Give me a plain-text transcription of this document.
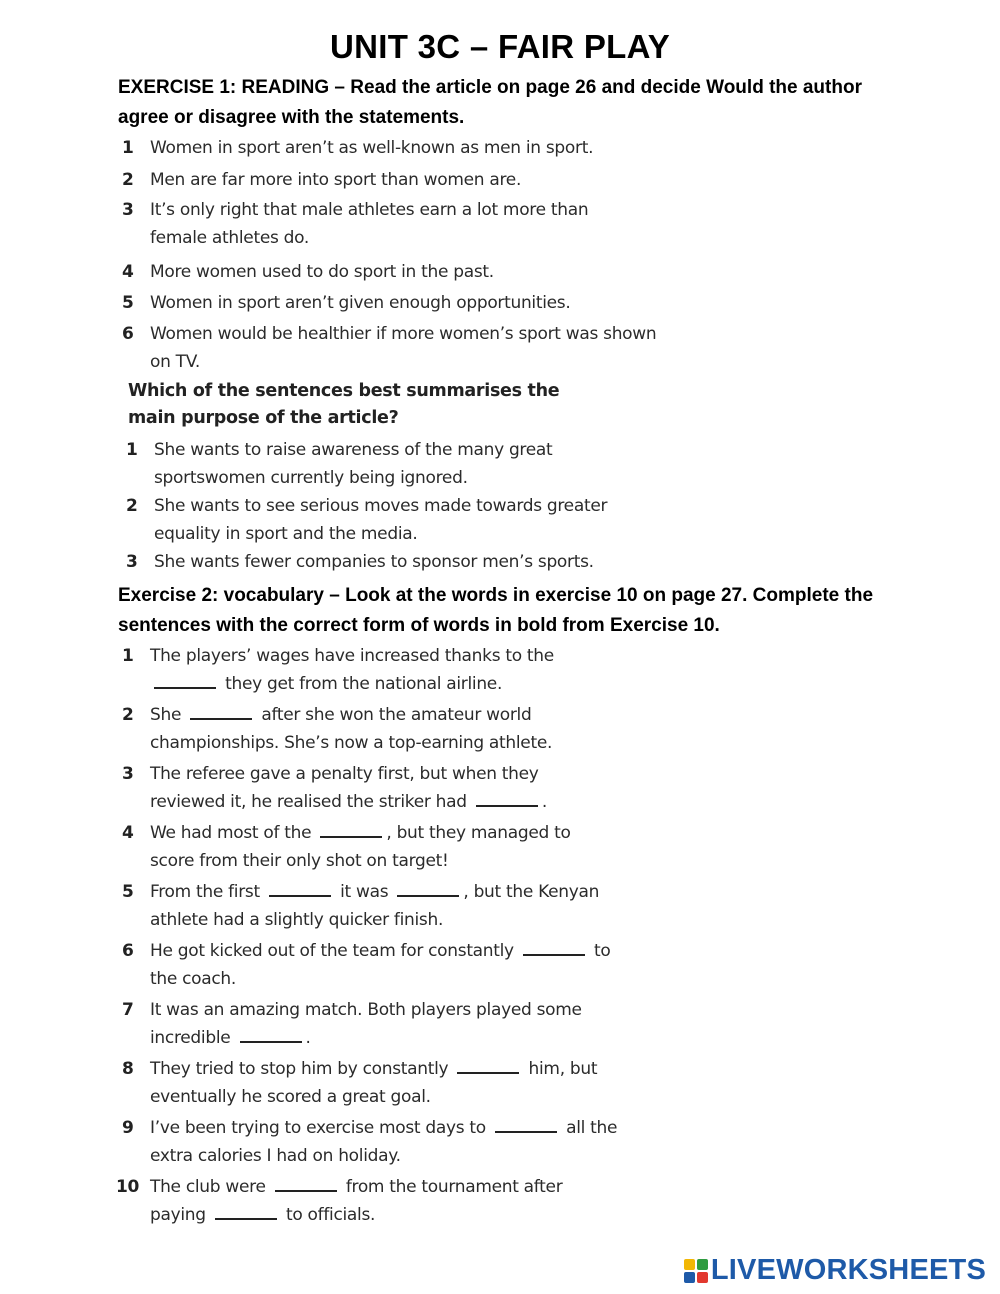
UNIT 3C – FAIR PLAY
EXERCISE 1: READING – Read the article on page 26 and decide Would the author agree or disagree with the statements.
1 Women in sport aren’t as well-known as men in sport.
2 Men are far more into sport than women are.
3 It’s only right that male athletes earn a lot more than female athletes do.
4 More women used to do sport in the past.
5 Women in sport aren’t given enough opportunities.
6 Women would be healthier if more women’s sport was shown on TV.
Which of the sentences best summarises the main purpose of the article?
1 She wants to raise awareness of the many great sportswomen currently being ignored.
2 She wants to see serious moves made towards greater equality in sport and the media.
3 She wants fewer companies to sponsor men’s sports.
Exercise 2: vocabulary – Look at the words in exercise 10 on page 27. Complete the sentences with the correct form of words in bold from Exercise 10.
1 The players’ wages have increased thanks to the  they get from the national airline.
2 She	after she won the amateur world championships. She’s now a top-earning athlete.
3 The referee gave a penalty first, but when they reviewed it, he realised the striker had	.
4 We had most of the	, but they managed to score from their only shot on target!
5 From the first	it was	, but the Kenyan athlete had a slightly quicker finish.
6 He got kicked out of the team for constantly	to the coach.
7 It was an amazing match. Both players played some incredible	.
8 They tried to stop him by constantly	him, but eventually he scored a great goal.
9 I’ve been trying to exercise most days to	all the extra calories I had on holiday.
10 The club were	from the tournament after paying	to officials.
LIVEWORKSHEETS
